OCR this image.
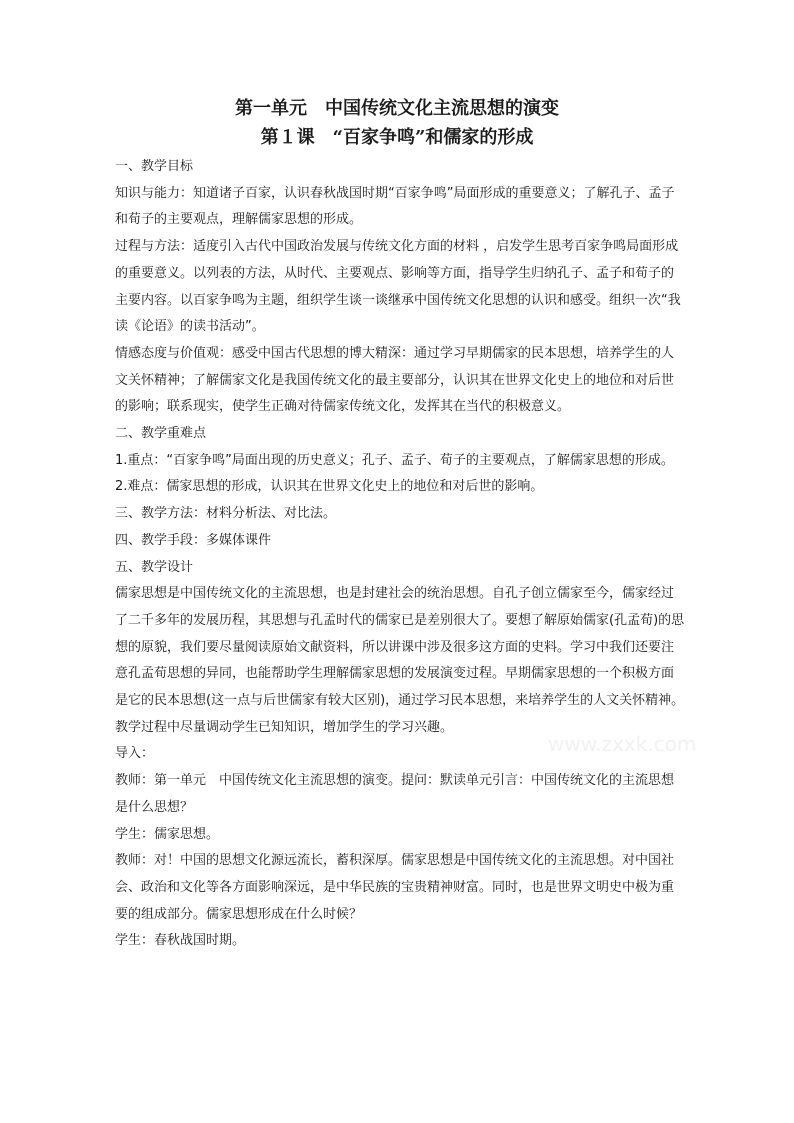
第一单元　中国传统文化主流思想的演变
第１课　“百家争鸣”和儒家的形成

一、教学目标

知识与能力：知道诸子百家，认识春秋战国时期“百家争鸣”局面形成的重要意义；了解孔子、孟子和荀子的主要观点，理解儒家思想的形成。

过程与方法：适度引入古代中国政治发展与传统文化方面的材料 ，启发学生思考百家争鸣局面形成的重要意义。以列表的方法，从时代、主要观点、影响等方面，指导学生归纳孔子、孟子和荀子的主要内容。以百家争鸣为主题，组织学生谈一谈继承中国传统文化思想的认识和感受。组织一次“我读《论语》的读书活动”。

情感态度与价值观：感受中国古代思想的博大精深：通过学习早期儒家的民本思想，培养学生的人文关怀精神；了解儒家文化是我国传统文化的最主要部分，认识其在世界文化史上的地位和对后世的影响；联系现实，使学生正确对待儒家传统文化，发挥其在当代的积极意义。

二、教学重难点

1.重点：“百家争鸣”局面出现的历史意义；孔子、孟子、荀子的主要观点，了解儒家思想的形成。

2.难点：儒家思想的形成，认识其在世界文化史上的地位和对后世的影响。

三、教学方法：材料分析法、对比法。

四、教学手段：多媒体课件

五、教学设计

儒家思想是中国传统文化的主流思想，也是封建社会的统治思想。自孔子创立儒家至今，儒家经过了二千多年的发展历程，其思想与孔孟时代的儒家已是差别很大了。要想了解原始儒家(孔孟荀)的思想的原貌，我们要尽量阅读原始文献资料，所以讲课中涉及很多这方面的史料。学习中我们还要注意孔孟荀思想的异同，也能帮助学生理解儒家思想的发展演变过程。早期儒家思想的一个积极方面是它的民本思想(这一点与后世儒家有较大区别)，通过学习民本思想，来培养学生的人文关怀精神。教学过程中尽量调动学生已知知识，增加学生的学习兴趣。

导入：

教师：第一单元　中国传统文化主流思想的演变。提问：默读单元引言：中国传统文化的主流思想是什么思想？

学生：儒家思想。

教师：对！中国的思想文化源远流长，蓄积深厚。儒家思想是中国传统文化的主流思想。对中国社会、政治和文化等各方面影响深远，是中华民族的宝贵精神财富。同时，也是世界文明史中极为重要的组成部分。儒家思想形成在什么时候？

学生：春秋战国时期。

www.zxxk.com
